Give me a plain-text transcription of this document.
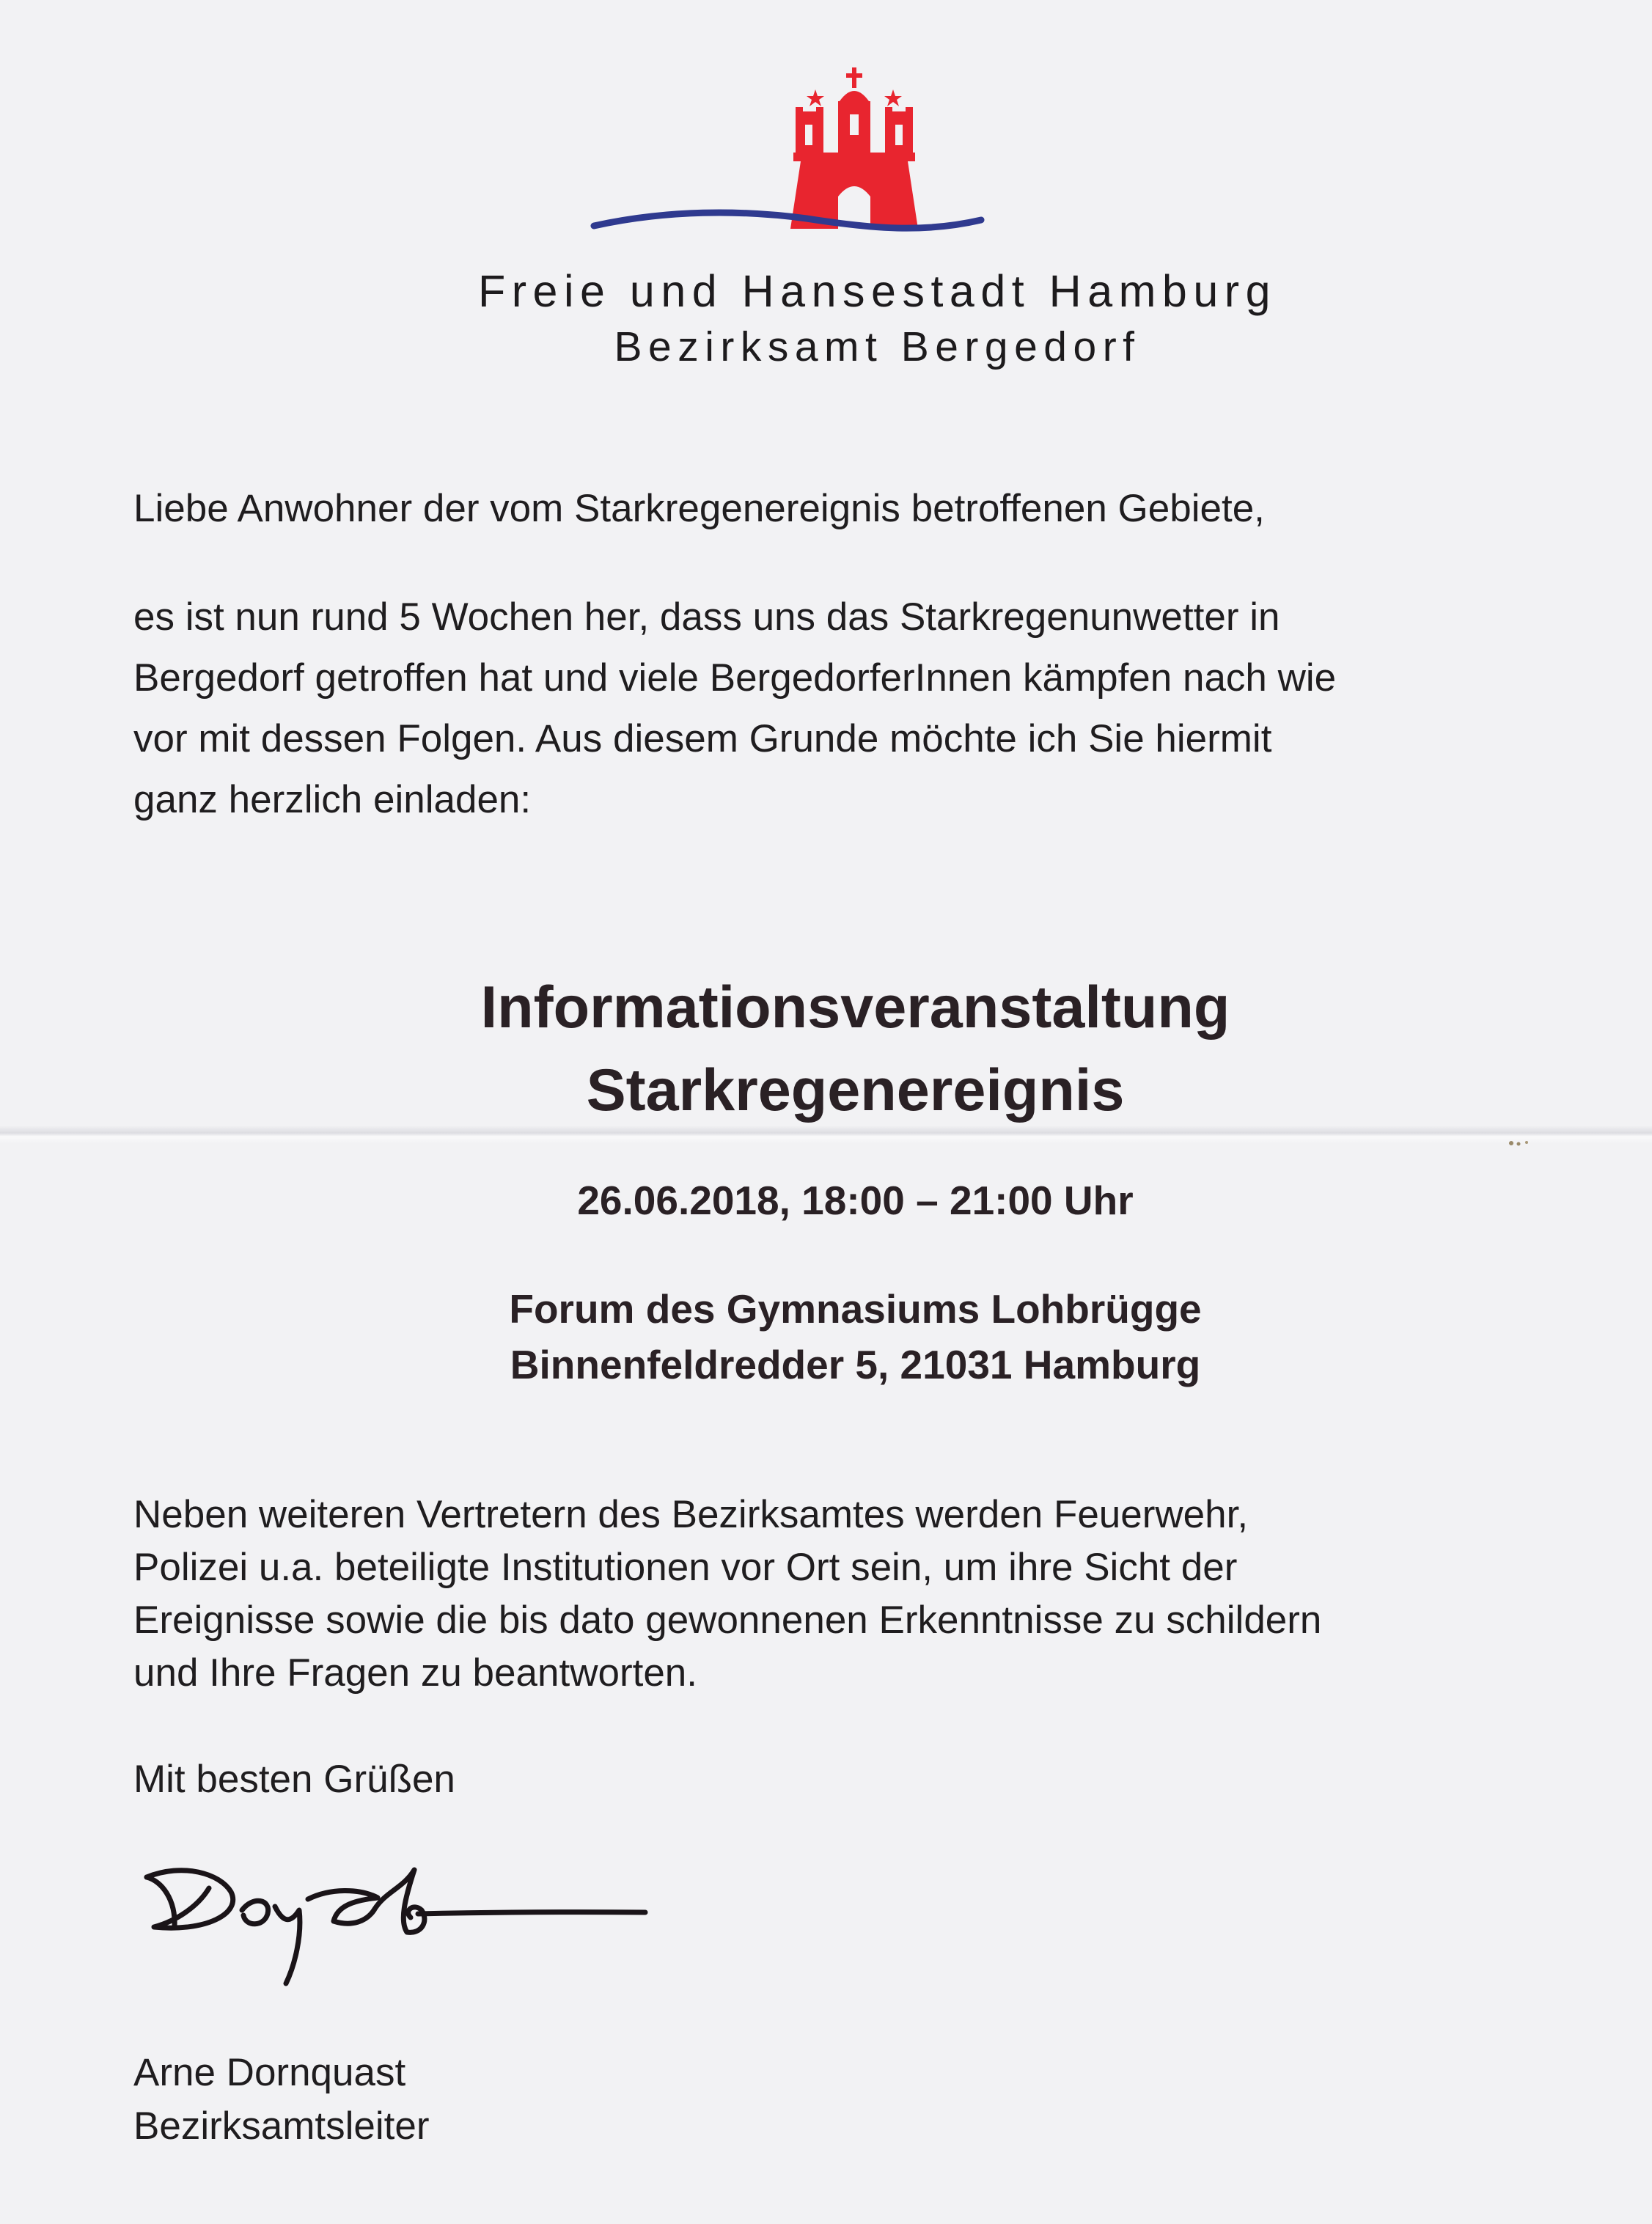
Freie und Hansestadt Hamburg
Bezirksamt Bergedorf
Liebe Anwohner der vom Starkregenereignis betroffenen Gebiete,
es ist nun rund 5 Wochen her, dass uns das Starkregenunwetter in
Bergedorf getroffen hat und viele BergedorferInnen kämpfen nach wie
vor mit dessen Folgen. Aus diesem Grunde möchte ich Sie hiermit
ganz herzlich einladen:
Informationsveranstaltung
Starkregenereignis
26.06.2018, 18:00 – 21:00 Uhr
Forum des Gymnasiums Lohbrügge
Binnenfeldredder 5, 21031 Hamburg
Neben weiteren Vertretern des Bezirksamtes werden Feuerwehr,
Polizei u.a. beteiligte Institutionen vor Ort sein, um ihre Sicht der
Ereignisse sowie die bis dato gewonnenen Erkenntnisse zu schildern
und Ihre Fragen zu beantworten.
Mit besten Grüßen
Arne Dornquast
Bezirksamtsleiter
